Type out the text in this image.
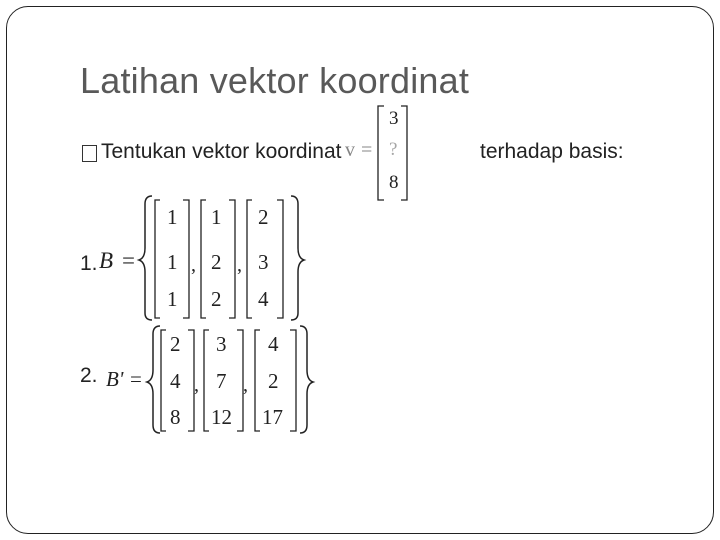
Latihan vektor koordinat
Tentukan vektor koordinat v =
3
?
8
terhadap basis:
1. B =
1
1
1
1
2
2
2
3
4
, ,
2. B' =
2
4
8
3
7
12
4
2
17
, ,
